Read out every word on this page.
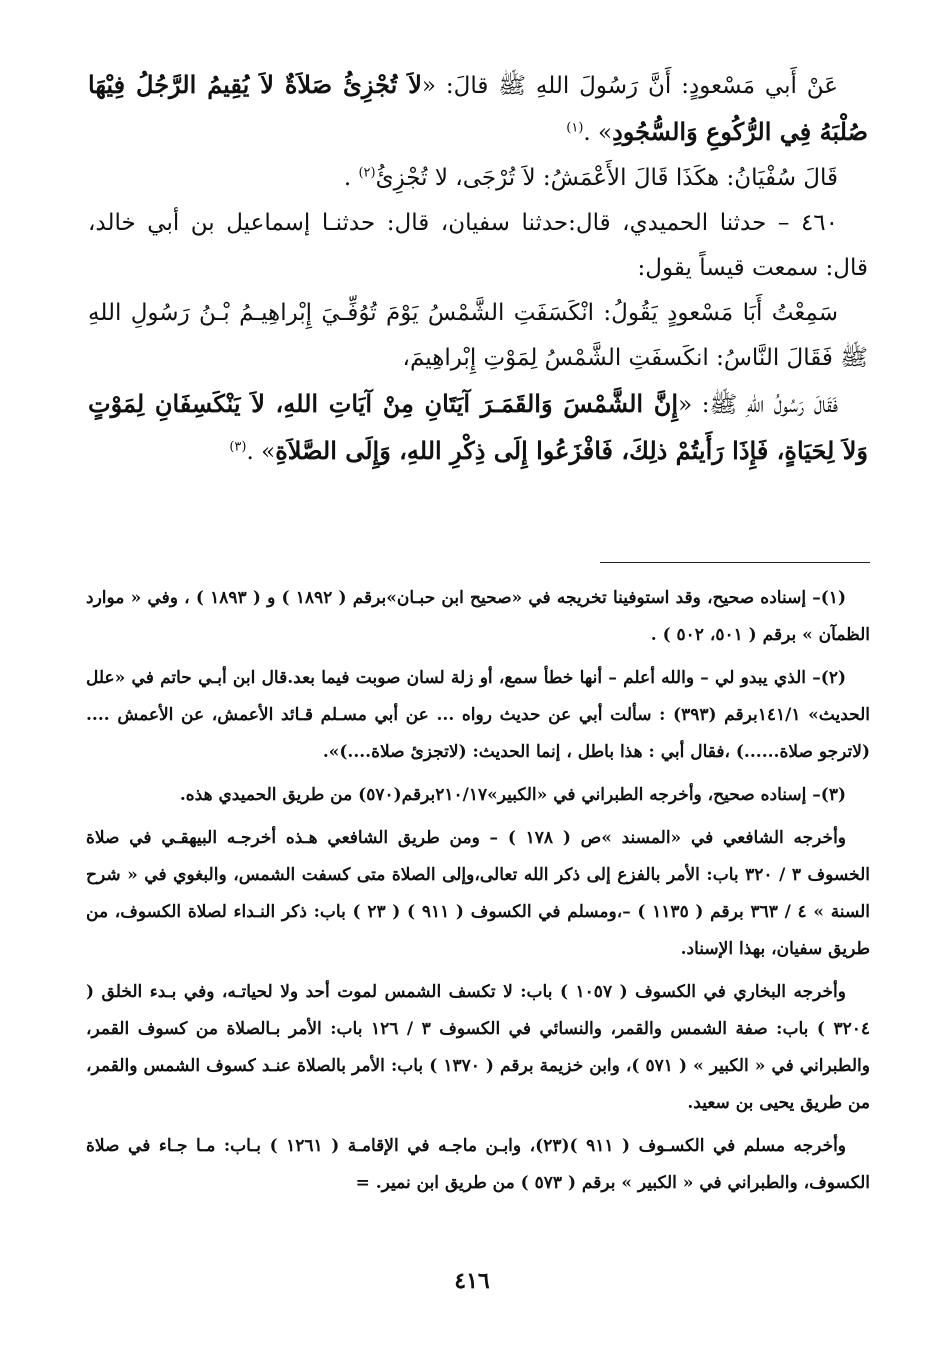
عَنْ أَبي مَسْعودٍ: أَنَّ رَسُولَ اللهِ ﷺ قالَ: «لاَ تُجْزِئُ صَلاَةٌ لاَ يُقِيمُ الرَّجُلُ فِيْهَا صُلْبَهُ فِي الرُّكُوعِ وَالسُّجُودِ» .$^{(١)}$

قَالَ سُفْيَانُ: هكَذَا قَالَ الأَعْمَشُ: لاَ تُرْجَى، لا تُجْزِئُ$^{(٢)}$ .

٤٦٠ – حدثنا الحميدي، قال:حدثنا سفيان، قال: حدثنـا إسماعيل بن أبي خالد، قال: سمعت قيساً يقول:

سَمِعْتُ أَبَا مَسْعودٍ يَقُولُ: انْكَسَفَتِ الشَّمْسُ يَوْمَ تُوُفِّـيَ إِبْراهِيـمُ بْـنُ رَسُولِ اللهِ ﷺ فَقَالَ النَّاسُ: انكَسفَتِ الشَّمْسُ لِمَوْتِ إِبْراهِيمَ،

فَقَالَ رَسُولُ اللهِ ﷺ: «إِنَّ الشَّمْسَ وَالقَمَـرَ آيَتَانِ مِنْ آيَاتِ اللهِ، لاَ يَنْكَسِفَانِ لِمَوْتٍ وَلاَ لِحَيَاةٍ، فَإِذَا رَأَيتُمْ ذلِكَ، فَافْزَعُوا إِلَى ذِكْرِ اللهِ، وَإِلَى الصَّلاَةِ» .$^{(٣)}$

(١)– إسناده صحيح، وقد استوفينا تخريجه في «صحيح ابن حبـان»برقم ( ١٨٩٢ ) و ( ١٨٩٣ ) ، وفي « موارد الظمآن » برقم ( ٥٠١، ٥٠٢ ) .

(٢)– الذي يبدو لي – والله أعلم – أنها خطأ سمع، أو زلة لسان صوبت فيما بعد.قال ابن أبـي حاتم في «علل الحديث» ١٤١/١برقم (٣٩٣) : سألت أبي عن حديث رواه ... عن أبي مسـلم قـائد الأعمش، عن الأعمش ....(لاترجو صلاة......) ،فقال أبي : هذا باطل ، إنما الحديث: (لاتجزئ صلاة....)».

(٣)– إسناده صحيح، وأخرجه الطبراني في «الكبير»٢١٠/١٧برقم(٥٧٠) من طريق الحميدي هذه.

وأخرجه الشافعي في «المسند »ص ( ١٧٨ ) – ومن طريق الشافعي هـذه أخرجـه البيهقـي في صلاة الخسوف ٣ / ٣٢٠ باب: الأمر بالفزع إلى ذكر الله تعالى،وإلى الصلاة متى كسفت الشمس، والبغوي في « شرح السنة » ٤ / ٣٦٣ برقم ( ١١٣٥ ) –،ومسلم في الكسوف ( ٩١١ ) ( ٢٣ ) باب: ذكر النـداء لصلاة الكسوف، من طريق سفيان، بهذا الإسناد.

وأخرجه البخاري في الكسوف ( ١٠٥٧ ) باب: لا تكسف الشمس لموت أحد ولا لحياتـه، وفي بـدء الخلق ( ٣٢٠٤ ) باب: صفة الشمس والقمر، والنسائي في الكسوف ٣ / ١٢٦ باب: الأمر بـالصلاة من كسوف القمر، والطبراني في « الكبير » ( ٥٧١ )، وابن خزيمة برقم ( ١٣٧٠ ) باب: الأمر بالصلاة عنـد كسوف الشمس والقمر، من طريق يحيى بن سعيد.

وأخرجه مسلم في الكسـوف ( ٩١١ )(٢٣)، وابـن ماجـه في الإقامـة ( ١٢٦١ ) بـاب: مـا جـاء في صلاة الكسوف، والطبراني في « الكبير » برقم ( ٥٧٣ ) من طريق ابن نمير. =

٤١٦
